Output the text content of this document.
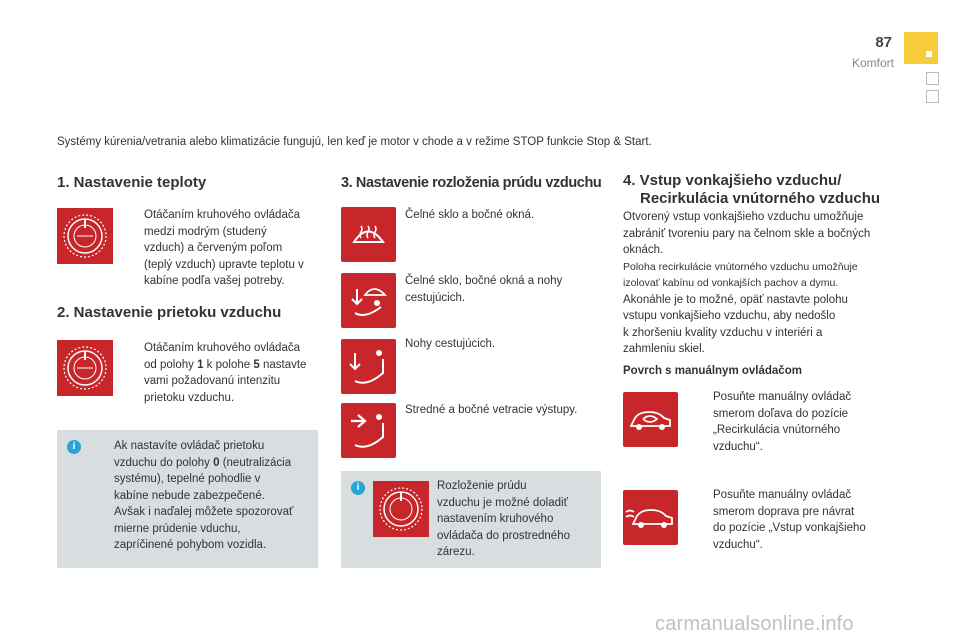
87
Komfort
Systémy kúrenia/vetrania alebo klimatizácie fungujú, len keď je motor v chode a v režime STOP funkcie Stop & Start.
1. Nastavenie teploty
Otáčaním kruhového ovládača
medzi modrým (studený
vzduch) a červeným poľom
(teplý vzduch) upravte teplotu v
kabíne podľa vašej potreby.
2. Nastavenie prietoku vzduchu
Otáčaním kruhového ovládača
od polohy 1 k polohe 5 nastavte
vami požadovanú intenzitu
prietoku vzduchu.
i	Ak nastavíte ovládač prietoku
vzduchu do polohy 0 (neutralizácia
systému), tepelné pohodlie v
kabíne nebude zabezpečené.
Avšak i naďalej môžete spozorovať
mierne prúdenie vduchu,
zapríčinené pohybom vozidla.
3. Nastavenie rozloženia prúdu vzduchu
Čelné sklo a bočné okná.
Čelné sklo, bočné okná a nohy
cestujúcich.
Nohy cestujúcich.
Stredné a bočné vetracie výstupy.
i	Rozloženie prúdu
vzduchu je možné doladiť
nastavením kruhového
ovládača do prostredného
zárezu.
4. Vstup vonkajšieho vzduchu/
Recirkulácia vnútorného vzduchu
Otvorený vstup vonkajšieho vzduchu umožňuje
zabrániť tvoreniu pary na čelnom skle a bočných
oknách.
Poloha recirkulácie vnútorného vzduchu umožňuje
izolovať kabínu od vonkajších pachov a dymu.
Akonáhle je to možné, opäť nastavte polohu
vstupu vonkajšieho vzduchu, aby nedošlo
k zhoršeniu kvality vzduchu v interiéri a
zahmleniu skiel.
Povrch s manuálnym ovládačom
Posuňte manuálny ovládač
smerom doľava do pozície
„Recirkulácia vnútorného
vzduchu“.
Posuňte manuálny ovládač
smerom doprava pre návrat
do pozície „Vstup vonkajšieho
vzduchu“.
carmanualsonline.info
